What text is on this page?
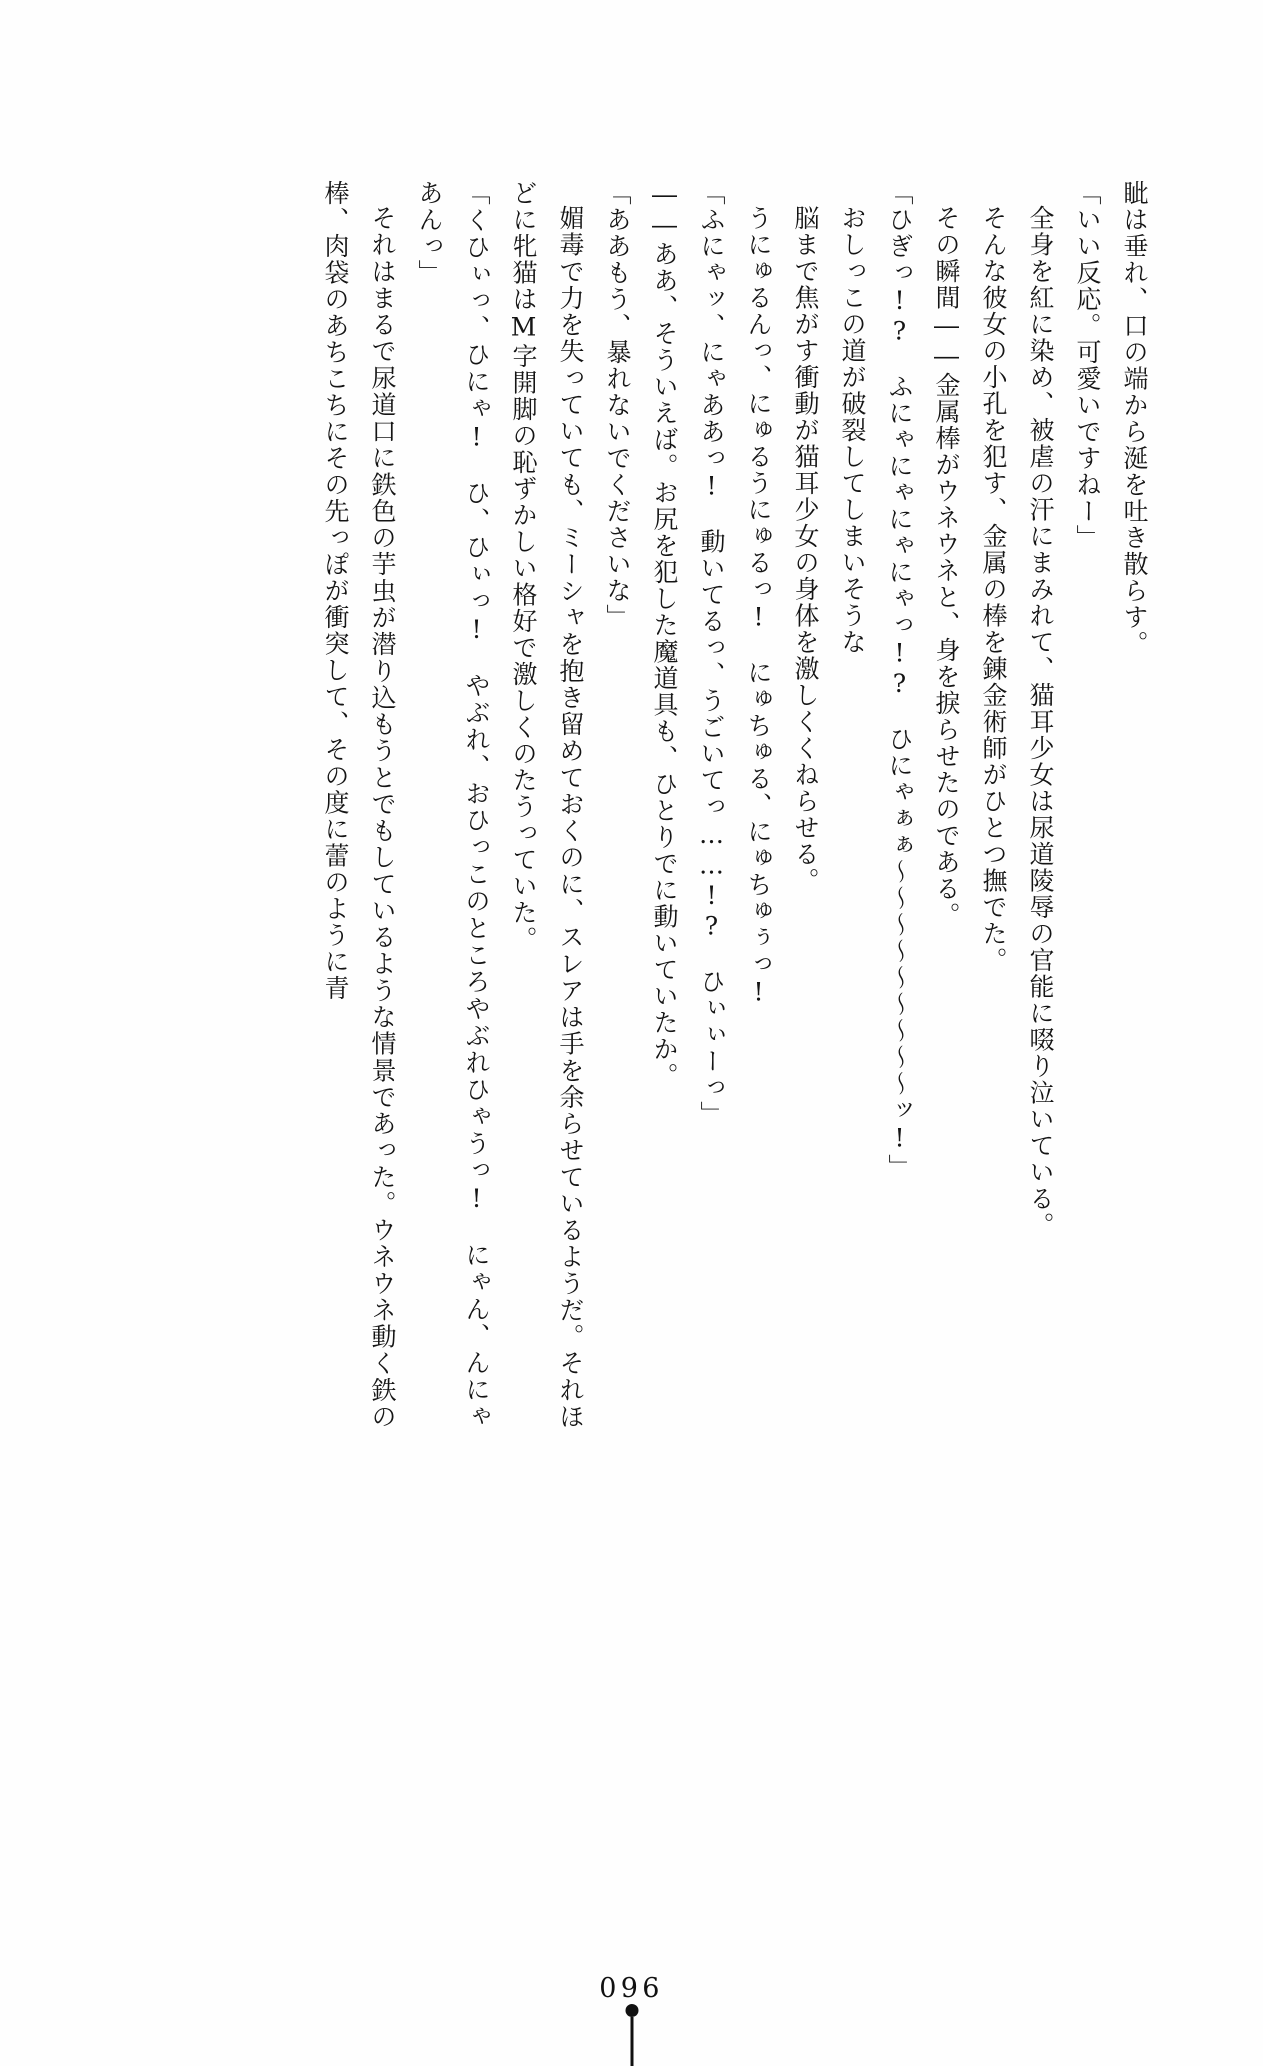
眦は垂れ、口の端から涎を吐き散らす。

「いい反応。可愛いですねー」

全身を紅に染め、被虐の汗にまみれて、猫耳少女は尿道陵辱の官能に啜り泣いている。

そんな彼女の小孔を犯す、金属の棒を錬金術師がひとつ撫でた。

その瞬間――金属棒がウネウネと、身を捩らせたのである。

「ひぎっ!?　ふにゃにゃにゃにゃっ!?　ひにゃぁぁ～～～～～～～～～ッ!」

おしっこの道が破裂してしまいそうな

脳まで焦がす衝動が猫耳少女の身体を激しくくねらせる。

うにゅるんっ、にゅるうにゅるっ!　にゅちゅる、にゅちゅぅっ!

「ふにゃッ、にゃああっ!　動いてるっ、うごいてっ……!?　ひぃぃーっ」

――ああ、そういえば。お尻を犯した魔道具も、ひとりでに動いていたか。

「ああもう、暴れないでくださいな」

媚毒で力を失っていても、ミーシャを抱き留めておくのに、スレアは手を余らせているようだ。それほどに牝猫はM字開脚の恥ずかしい格好で激しくのたうっていた。

「くひぃっ、ひにゃ!　ひ、ひぃっ!　やぶれ、おひっこのところやぶれひゃうっ!　にゃん、んにゃあんっ」

それはまるで尿道口に鉄色の芋虫が潜り込もうとでもしているような情景であった。ウネウネ動く鉄の棒、肉袋のあちこちにその先っぽが衝突して、その度に蕾のように青

096
